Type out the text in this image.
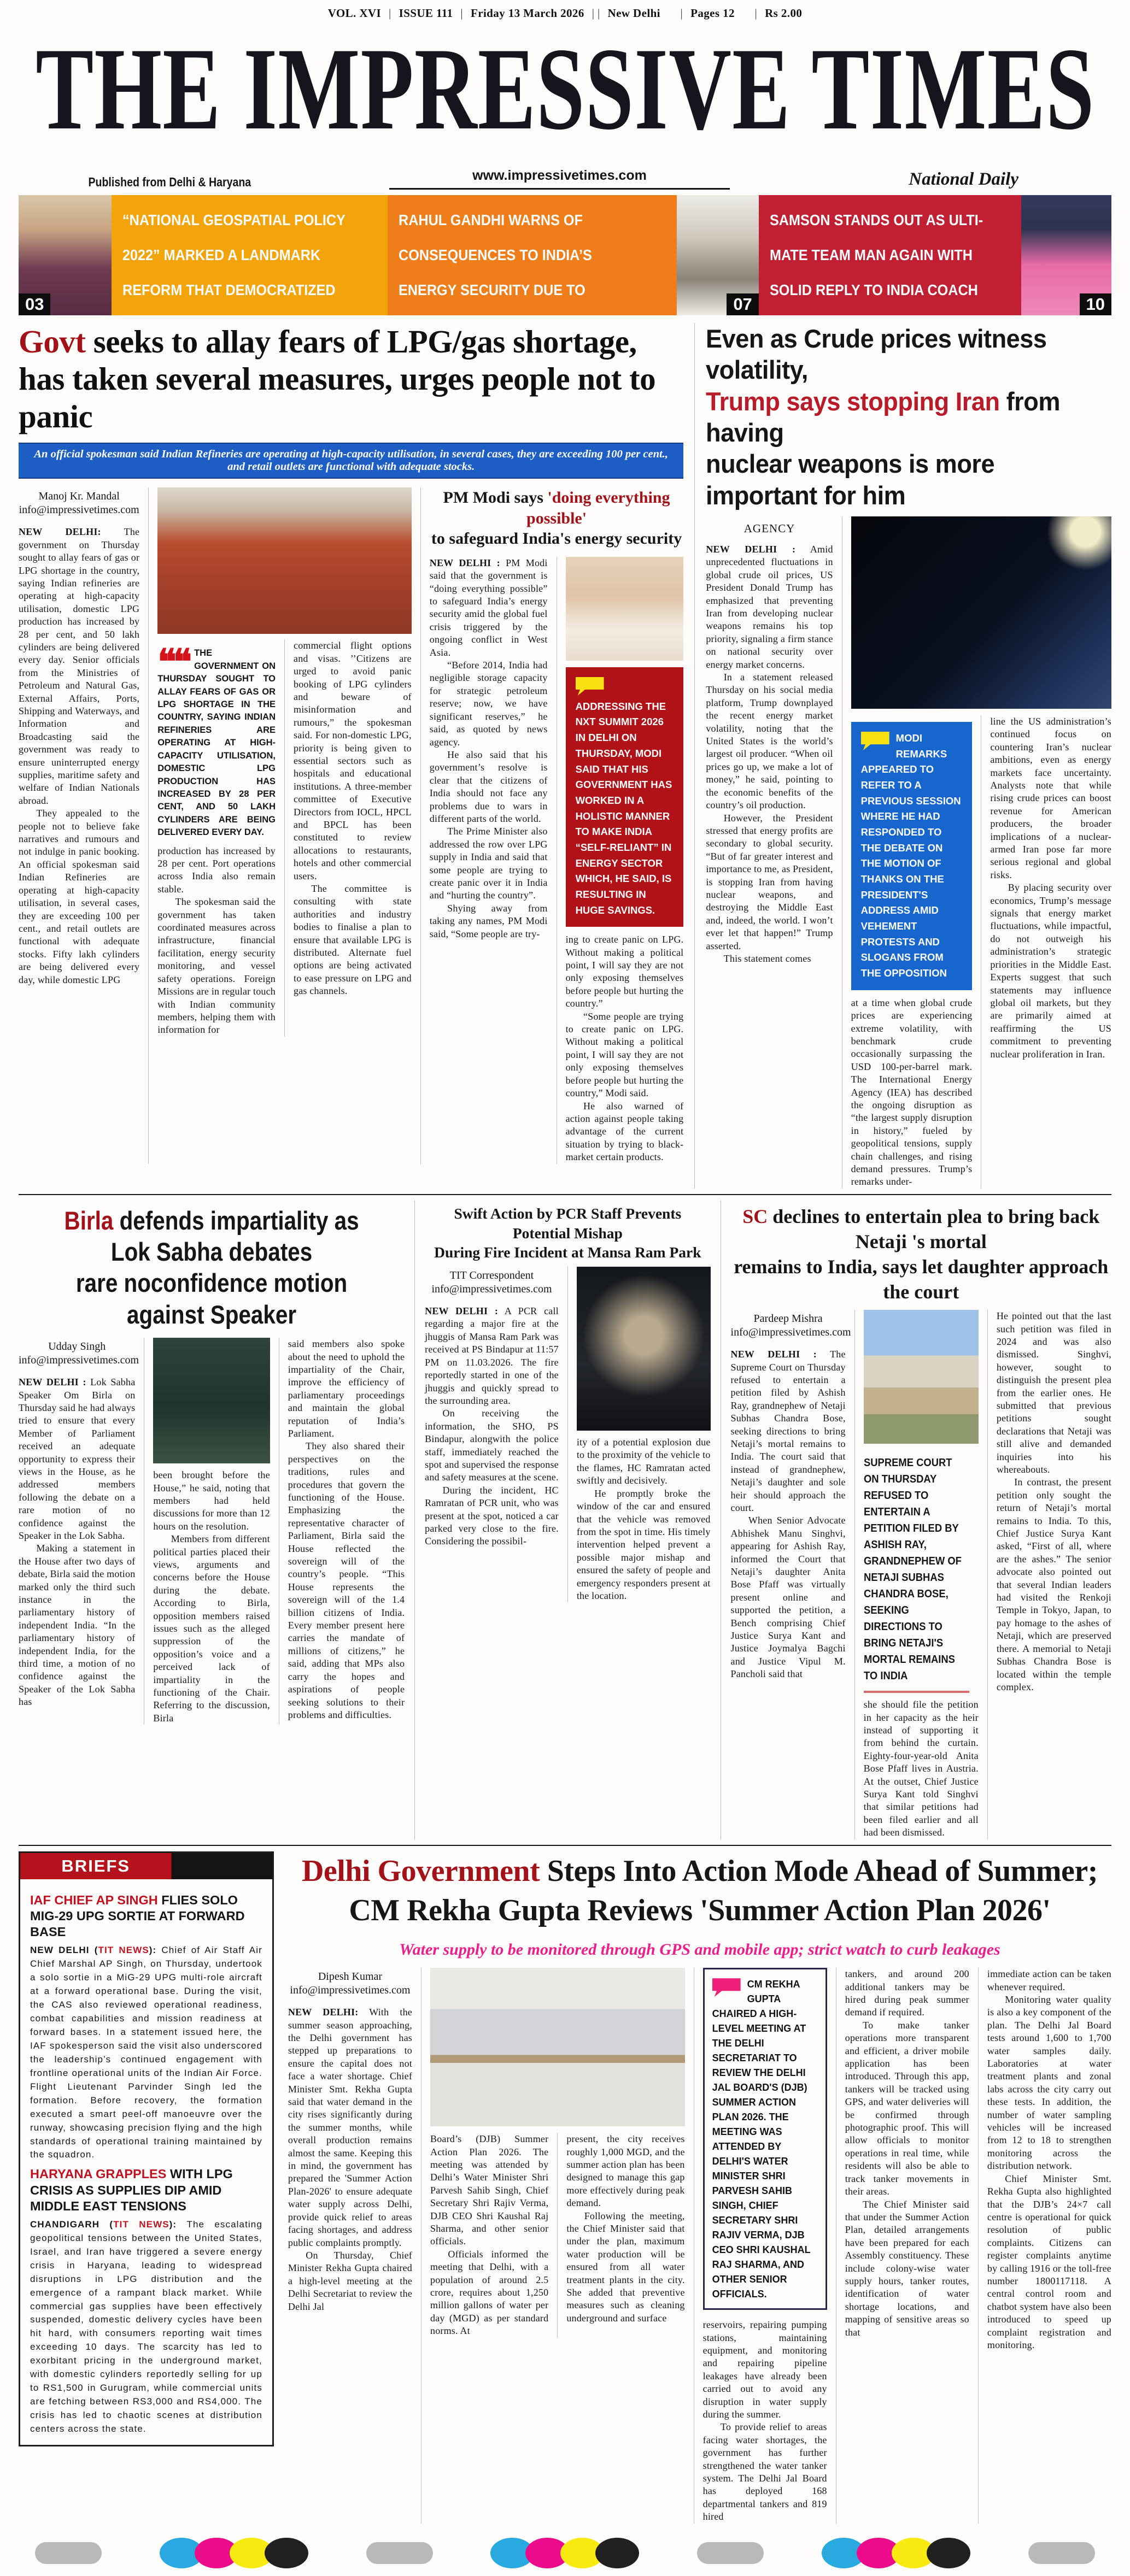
VOL. XVI | ISSUE 111 | Friday 13 March 2026 | | New Delhi    | Pages 12    | Rs 2.00
THE IMPRESSIVE TIMES
Published from Delhi & Haryana	www.impressivetimes.com	National Daily
03
“NATIONAL GEOSPATIAL POLICY
2022” MARKED A LANDMARK
REFORM THAT DEMOCRATIZED
RAHUL GANDHI WARNS OF
CONSEQUENCES TO INDIA’S
ENERGY SECURITY DUE TO
07
SAMSON STANDS OUT AS ULTI-
MATE TEAM MAN AGAIN WITH
SOLID REPLY TO INDIA COACH
10
Govt seeks to allay fears of LPG/gas shortage, has taken several measures, urges people not to panic
An official spokesman said Indian Refineries are operating at high-capacity utilisation, in several cases, they are exceeding 100 per cent., and retail outlets are functional with adequate stocks.
Manoj Kr. Mandal
info@impressivetimes.com

NEW DELHI: The government on Thursday sought to allay fears of gas or LPG shortage in the country, saying Indian refineries are operating at high-capacity utilisation, domestic LPG production has increased by 28 per cent, and 50 lakh cylinders are being delivered every day. Senior officials from the Ministries of Petroleum and Natural Gas, External Affairs, Ports, Shipping and Waterways, and Information and Broadcasting said the government was ready to ensure uninterrupted energy supplies, maritime safety and welfare of Indian Nationals abroad.

They appealed to the people not to believe fake narratives and rumours and not indulge in panic booking. An official spokesman said Indian Refineries are operating at high-capacity utilisation, in several cases, they are exceeding 100 per cent., and retail outlets are functional with adequate stocks. Fifty lakh cylinders are being delivered every day, while domestic LPG

❝❝ THE GOVERNMENT ON THURSDAY SOUGHT TO ALLAY FEARS OF GAS OR LPG SHORTAGE IN THE COUNTRY, SAYING INDIAN REFINERIES ARE OPERATING AT HIGH-CAPACITY UTILISATION, DOMESTIC LPG PRODUCTION HAS INCREASED BY 28 PER CENT, AND 50 LAKH CYLINDERS ARE BEING DELIVERED EVERY DAY.

production has increased by 28 per cent. Port operations across India also remain stable.

The spokesman said the government has taken coordinated measures across infrastructure, financial facilitation, energy security monitoring, and vessel safety operations. Foreign Missions are in regular touch with Indian community members, helping them with information for

commercial flight options and visas. ’’Citizens are urged to avoid panic booking of LPG cylinders and beware of misinformation and rumours,” the spokesman said. For non-domestic LPG, priority is being given to essential sectors such as hospitals and educational institutions. A three-member committee of Executive Directors from IOCL, HPCL and BPCL has been constituted to review allocations to restaurants, hotels and other commercial users.

The committee is consulting with state authorities and industry bodies to finalise a plan to ensure that available LPG is distributed. Alternate fuel options are being activated to ease pressure on LPG and gas channels.

PM Modi says 'doing everything possible'
to safeguard India's energy security

NEW DELHI : PM Modi said that the government is “doing everything possible” to safeguard India’s energy security amid the global fuel crisis triggered by the ongoing conflict in West Asia.

“Before 2014, India had negligible storage capacity for strategic petroleum reserve; now, we have significant reserves,” he said, as quoted by news agency.

He also said that his government’s resolve is clear that the citizens of India should not face any problems due to wars in different parts of the world.

The Prime Minister also addressed the row over LPG supply in India and said that some people are trying to create panic over it in India and “hurting the country”.

Shying away from taking any names, PM Modi said, “Some people are try-

ADDRESSING THE NXT SUMMIT 2026 IN DELHI ON THURSDAY, MODI SAID THAT HIS GOVERNMENT HAS WORKED IN A HOLISTIC MANNER TO MAKE INDIA “SELF-RELIANT” IN ENERGY SECTOR WHICH, HE SAID, IS RESULTING IN HUGE SAVINGS.

ing to create panic on LPG. Without making a political point, I will say they are not only exposing themselves before people but hurting the country.”

“Some people are trying to create panic on LPG. Without making a political point, I will say they are not only exposing themselves before people but hurting the country,” Modi said.

He also warned of action against people taking advantage of the current situation by trying to black-market certain products.

Even as Crude prices witness volatility,
Trump says stopping Iran from having
nuclear weapons is more important for him
AGENCY

NEW DELHI : Amid unprecedented fluctuations in global crude oil prices, US President Donald Trump has emphasized that preventing Iran from developing nuclear weapons remains his top priority, signaling a firm stance on national security over energy market concerns.

In a statement released Thursday on his social media platform, Trump downplayed the recent energy market volatility, noting that the United States is the world’s largest oil producer. “When oil prices go up, we make a lot of money,” he said, pointing to the economic benefits of the country’s oil production.

However, the President stressed that energy profits are secondary to global security. “But of far greater interest and importance to me, as President, is stopping Iran from having nuclear weapons, and destroying the Middle East and, indeed, the world. I won’t ever let that happen!” Trump asserted.

This statement comes

MODI REMARKS APPEARED TO REFER TO A PREVIOUS SESSION WHERE HE HAD RESPONDED TO THE DEBATE ON THE MOTION OF THANKS ON THE PRESIDENT'S ADDRESS AMID VEHEMENT PROTESTS AND SLOGANS FROM THE OPPOSITION

at a time when global crude prices are experiencing extreme volatility, with benchmark crude occasionally surpassing the USD 100-per-barrel mark. The International Energy Agency (IEA) has described the ongoing disruption as “the largest supply disruption in history,” fueled by geopolitical tensions, supply chain challenges, and rising demand pressures. Trump’s remarks under-

line the US administration’s continued focus on countering Iran’s nuclear ambitions, even as energy markets face uncertainty. Analysts note that while rising crude prices can boost revenue for American producers, the broader implications of a nuclear-armed Iran pose far more serious regional and global risks.

By placing security over economics, Trump’s message signals that energy market fluctuations, while impactful, do not outweigh his administration’s strategic priorities in the Middle East. Experts suggest that such statements may influence global oil markets, but they are primarily aimed at reaffirming the US commitment to preventing nuclear proliferation in Iran.

Birla defends impartiality as Lok Sabha debates
rare noconfidence motion against Speaker
Udday Singh
info@impressivetimes.com

NEW DELHI : Lok Sabha Speaker Om Birla on Thursday said he had always tried to ensure that every Member of Parliament received an adequate opportunity to express their views in the House, as he addressed members following the debate on a rare motion of no confidence against the Speaker in the Lok Sabha.

Making a statement in the House after two days of debate, Birla said the motion marked only the third such instance in the parliamentary history of independent India. “In the parliamentary history of independent India, for the third time, a motion of no confidence against the Speaker of the Lok Sabha has

been brought before the House,” he said, noting that members had held discussions for more than 12 hours on the resolution.

Members from different political parties placed their views, arguments and concerns before the House during the debate. According to Birla, opposition members raised issues such as the alleged suppression of the opposition’s voice and a perceived lack of impartiality in the functioning of the Chair. Referring to the discussion, Birla

said members also spoke about the need to uphold the impartiality of the Chair, improve the efficiency of parliamentary proceedings and maintain the global reputation of India’s Parliament.

They also shared their perspectives on the traditions, rules and procedures that govern the functioning of the House. Emphasizing the representative character of Parliament, Birla said the House reflected the sovereign will of the country’s people. “This House represents the sovereign will of the 1.4 billion citizens of India. Every member present here carries the mandate of millions of citizens,” he said, adding that MPs also carry the hopes and aspirations of people seeking solutions to their problems and difficulties.

Swift Action by PCR Staff Prevents Potential Mishap
During Fire Incident at Mansa Ram Park
TIT Correspondent
info@impressivetimes.com

NEW DELHI : A PCR call regarding a major fire at the jhuggis of Mansa Ram Park was received at PS Bindapur at 11:57 PM on 11.03.2026. The fire reportedly started in one of the jhuggis and quickly spread to the surrounding area.

On receiving the information, the SHO, PS Bindapur, alongwith the police staff, immediately reached the spot and supervised the response and safety measures at the scene.

During the incident, HC Ramratan of PCR unit, who was present at the spot, noticed a car parked very close to the fire. Considering the possibil-

ity of a potential explosion due to the proximity of the vehicle to the flames, HC Ramratan acted swiftly and decisively.

He promptly broke the window of the car and ensured that the vehicle was removed from the spot in time. His timely intervention helped prevent a possible major mishap and ensured the safety of people and emergency responders present at the location.

SC declines to entertain plea to bring back Netaji 's mortal
remains to India, says let daughter approach the court
Pardeep Mishra
info@impressivetimes.com

NEW DELHI : The Supreme Court on Thursday refused to entertain a petition filed by Ashish Ray, grandnephew of Netaji Subhas Chandra Bose, seeking directions to bring Netaji’s mortal remains to India. The court said that instead of grandnephew, Netaji’s daughter and sole heir should approach the court.

When Senior Advocate Abhishek Manu Singhvi, appearing for Ashish Ray, informed the Court that Netaji’s daughter Anita Bose Pfaff was virtually present online and supported the petition, a Bench comprising Chief Justice Surya Kant and Justice Joymalya Bagchi and Justice Vipul M. Pancholi said that

SUPREME COURT ON THURSDAY REFUSED TO ENTERTAIN A PETITION FILED BY ASHISH RAY, GRANDNEPHEW OF NETAJI SUBHAS CHANDRA BOSE, SEEKING DIRECTIONS TO BRING NETAJI'S MORTAL REMAINS TO INDIA

she should file the petition in her capacity as the heir instead of supporting it from behind the curtain. Eighty-four-year-old Anita Bose Pfaff lives in Austria. At the outset, Chief Justice Surya Kant told Singhvi that similar petitions had been filed earlier and all had been dismissed.

He pointed out that the last such petition was filed in 2024 and was also dismissed. Singhvi, however, sought to distinguish the present plea from the earlier ones. He submitted that previous petitions sought declarations that Netaji was still alive and demanded inquiries into his whereabouts.

In contrast, the present petition only sought the return of Netaji’s mortal remains to India. To this, Chief Justice Surya Kant asked, “First of all, where are the ashes.” The senior advocate also pointed out that several Indian leaders had visited the Renkoji Temple in Tokyo, Japan, to pay homage to the ashes of Netaji, which are preserved there. A memorial to Netaji Subhas Chandra Bose is located within the temple complex.

BRIEFS
IAF CHIEF AP SINGH FLIES SOLO MIG-29 UPG SORTIE AT FORWARD BASE

NEW DELHI (TIT NEWS): Chief of Air Staff Air Chief Marshal AP Singh, on Thursday, undertook a solo sortie in a MiG-29 UPG multi-role aircraft at a forward operational base. During the visit, the CAS also reviewed operational readiness, combat capabilities and mission readiness at forward bases. In a statement issued here, the IAF spokesperson said the visit also underscored the leadership’s continued engagement with frontline operational units of the Indian Air Force. Flight Lieutenant Parvinder Singh led the formation. Before recovery, the formation executed a smart peel-off manoeuvre over the runway, showcasing precision flying and the high standards of operational training maintained by the squadron.

HARYANA GRAPPLES WITH LPG CRISIS AS SUPPLIES DIP AMID MIDDLE EAST TENSIONS

CHANDIGARH (TIT NEWS): The escalating geopolitical tensions between the United States, Israel, and Iran have triggered a severe energy crisis in Haryana, leading to widespread disruptions in LPG distribution and the emergence of a rampant black market. While commercial gas supplies have been effectively suspended, domestic delivery cycles have been hit hard, with consumers reporting wait times exceeding 10 days. The scarcity has led to exorbitant pricing in the underground market, with domestic cylinders reportedly selling for up to RS1,500 in Gurugram, while commercial units are fetching between RS3,000 and RS4,000. The crisis has led to chaotic scenes at distribution centers across the state.

Delhi Government Steps Into Action Mode Ahead of Summer;
CM Rekha Gupta Reviews 'Summer Action Plan 2026'
Water supply to be monitored through GPS and mobile app; strict watch to curb leakages
Dipesh Kumar
info@impressivetimes.com

NEW DELHI: With the summer season approaching, the Delhi government has stepped up preparations to ensure the capital does not face a water shortage. Chief Minister Smt. Rekha Gupta said that water demand in the city rises significantly during the summer months, while overall production remains almost the same. Keeping this in mind, the government has prepared the 'Summer Action Plan-2026' to ensure adequate water supply across Delhi, provide quick relief to areas facing shortages, and address public complaints promptly.

On Thursday, Chief Minister Rekha Gupta chaired a high-level meeting at the Delhi Secretariat to review the Delhi Jal

Board’s (DJB) Summer Action Plan 2026. The meeting was attended by Delhi’s Water Minister Shri Parvesh Sahib Singh, Chief Secretary Shri Rajiv Verma, DJB CEO Shri Kaushal Raj Sharma, and other senior officials.

Officials informed the meeting that Delhi, with a population of around 2.5 crore, requires about 1,250 million gallons of water per day (MGD) as per standard norms. At

present, the city receives roughly 1,000 MGD, and the summer action plan has been designed to manage this gap more effectively during peak demand.

Following the meeting, the Chief Minister said that under the plan, maximum water production will be ensured from all water treatment plants in the city. She added that preventive measures such as cleaning underground and surface

CM REKHA GUPTA CHAIRED A HIGH-LEVEL MEETING AT THE DELHI SECRETARIAT TO REVIEW THE DELHI JAL BOARD'S (DJB) SUMMER ACTION PLAN 2026. THE MEETING WAS ATTENDED BY DELHI'S WATER MINISTER SHRI PARVESH SAHIB SINGH, CHIEF SECRETARY SHRI RAJIV VERMA, DJB CEO SHRI KAUSHAL RAJ SHARMA, AND OTHER SENIOR OFFICIALS.

reservoirs, repairing pumping stations, maintaining equipment, and monitoring and repairing pipeline leakages have already been carried out to avoid any disruption in water supply during the summer.

To provide relief to areas facing water shortages, the government has further strengthened the water tanker system. The Delhi Jal Board has deployed 168 departmental tankers and 819 hired

tankers, and around 200 additional tankers may be hired during peak summer demand if required.

To make tanker operations more transparent and efficient, a driver mobile application has been introduced. Through this app, tankers will be tracked using GPS, and water deliveries will be confirmed through photographic proof. This will allow officials to monitor operations in real time, while residents will also be able to track tanker movements in their areas.

The Chief Minister said that under the Summer Action Plan, detailed arrangements have been prepared for each Assembly constituency. These include colony-wise water supply hours, tanker routes, identification of water shortage locations, and mapping of sensitive areas so that

immediate action can be taken whenever required.

Monitoring water quality is also a key component of the plan. The Delhi Jal Board tests around 1,600 to 1,700 water samples daily. Laboratories at water treatment plants and zonal labs across the city carry out these tests. In addition, the number of water sampling vehicles will be increased from 12 to 18 to strengthen monitoring across the distribution network.

Chief Minister Smt. Rekha Gupta also highlighted that the DJB’s 24×7 call centre is operational for quick resolution of public complaints. Citizens can register complaints anytime by calling 1916 or the toll-free number 1800117118. A central control room and chatbot system have also been introduced to speed up complaint registration and monitoring.
